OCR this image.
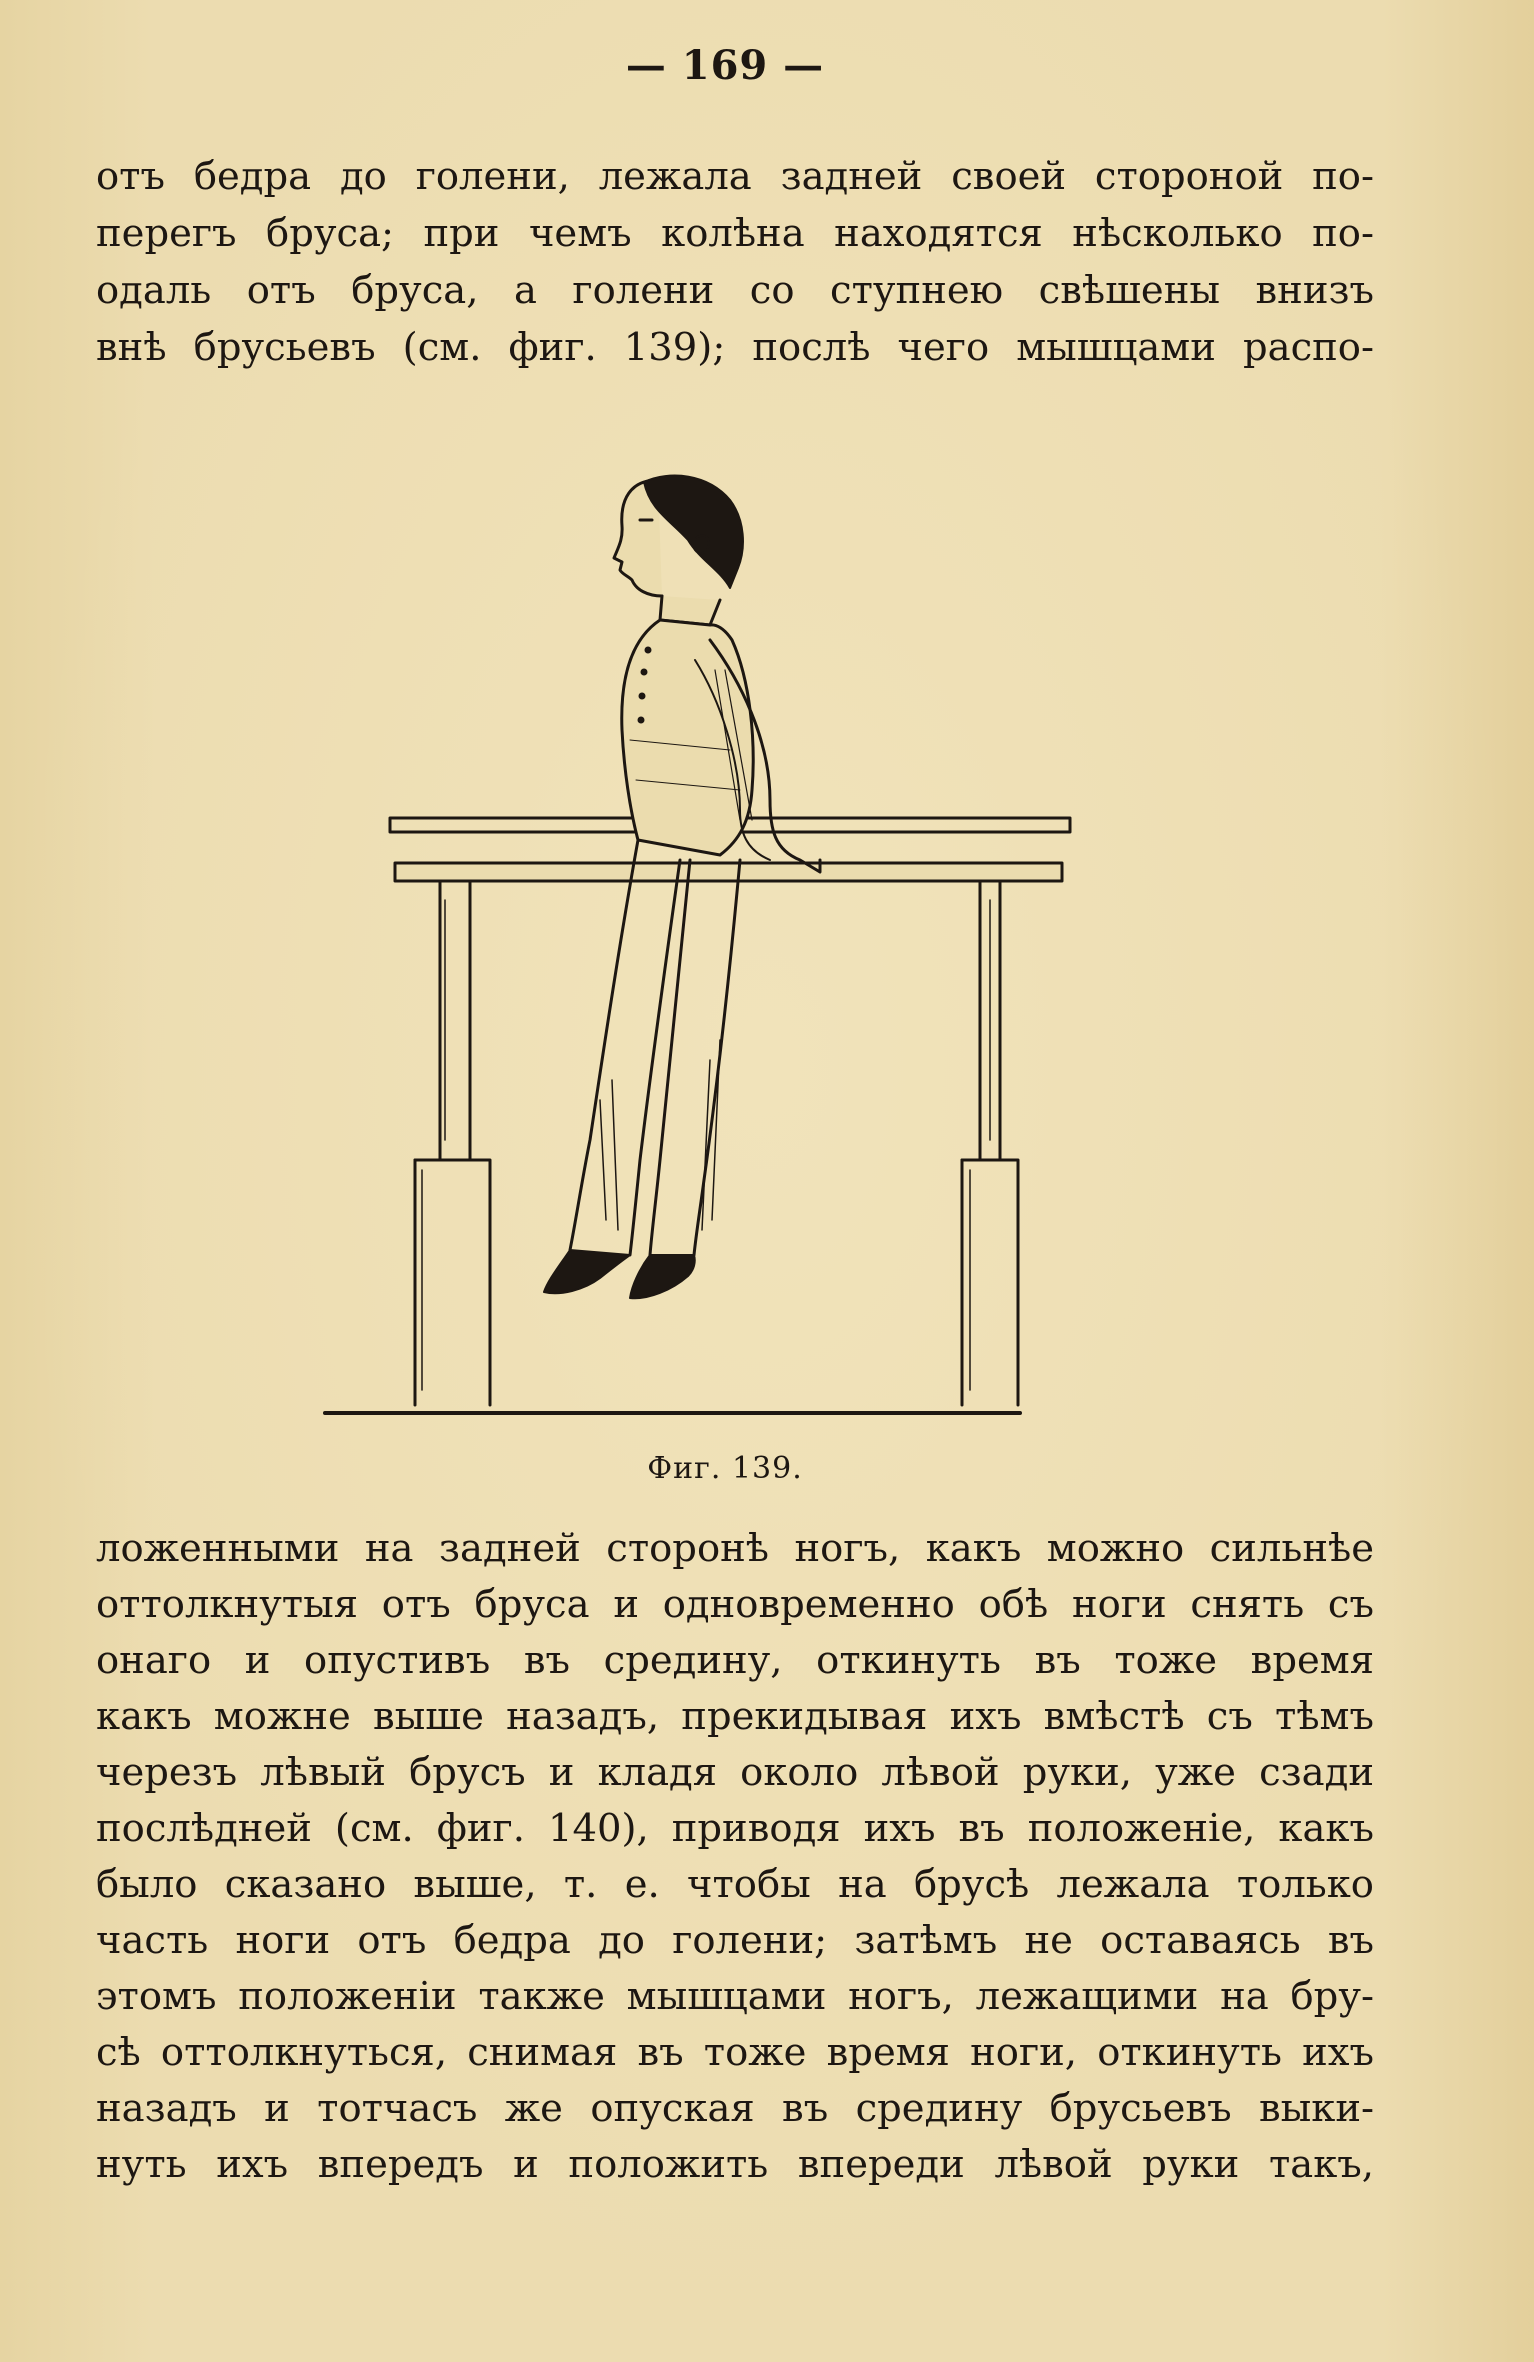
— 169 —
отъ бедра до голени, лежала задней своей стороной по-
перегъ бруса; при чемъ колѣна находятся нѣсколько по-
одаль отъ бруса, а голени со ступнею свѣшены внизъ
внѣ брусьевъ (см. фиг. 139); послѣ чего мышцами распо-
Фиг. 139.
ложенными на задней сторонѣ ногъ, какъ можно сильнѣе
оттолкнутыя отъ бруса и одновременно обѣ ноги снять съ
онаго и опустивъ въ средину, откинуть въ тоже время
какъ можне выше назадъ, прекидывая ихъ вмѣстѣ съ тѣмъ
черезъ лѣвый брусъ и кладя около лѣвой руки, уже сзади
послѣдней (см. фиг. 140), приводя ихъ въ положеніе, какъ
было сказано выше, т. е. чтобы на брусѣ лежала только
часть ноги отъ бедра до голени; затѣмъ не оставаясь въ
этомъ положеніи также мышцами ногъ, лежащими на бру-
сѣ оттолкнуться, снимая въ тоже время ноги, откинуть ихъ
назадъ и тотчасъ же опуская въ средину брусьевъ выки-
нуть ихъ впередъ и положить впереди лѣвой руки такъ,
